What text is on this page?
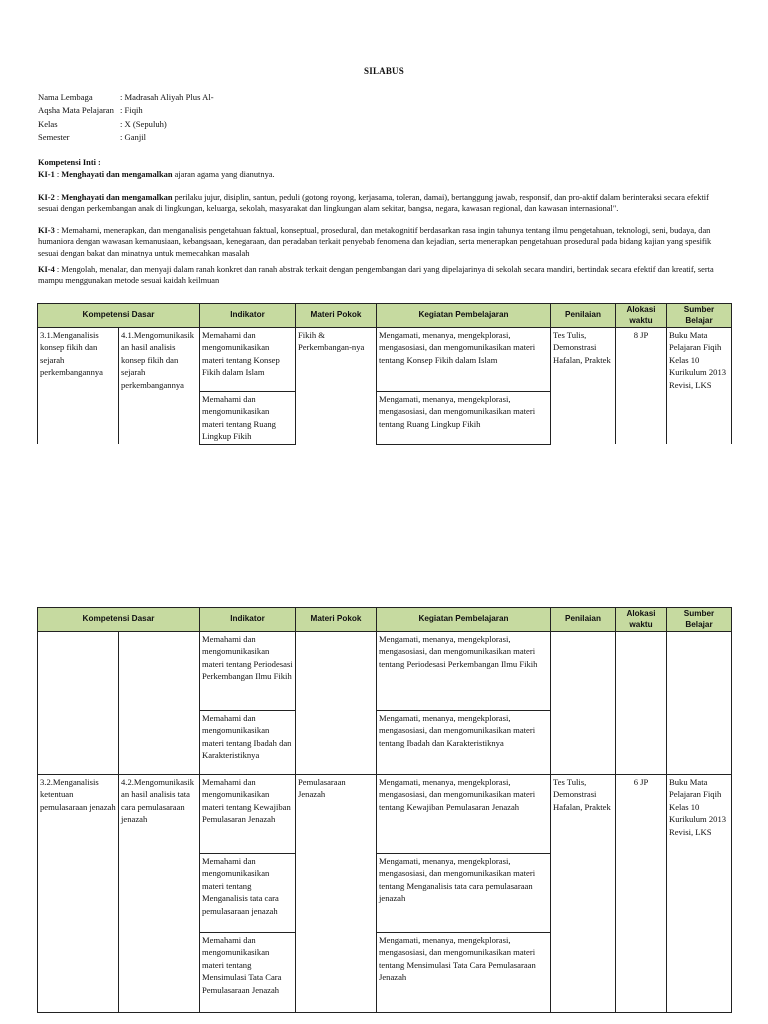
SILABUS
Nama Lembaga	: Madrasah Aliyah Plus Al-
Aqsha Mata Pelajaran : Fiqih
Kelas	: X (Sepuluh)
Semester	: Ganjil
Kompetensi Inti :
KI-1 : Menghayati dan mengamalkan ajaran agama yang dianutnya.
KI-2 : Menghayati dan mengamalkan perilaku jujur, disiplin, santun, peduli (gotong royong, kerjasama, toleran, damai), bertanggung jawab, responsif, dan pro-aktif dalam berinteraksi secara efektif sesuai dengan perkembangan anak di lingkungan, keluarga, sekolah, masyarakat dan lingkungan alam sekitar, bangsa, negara, kawasan regional, dan kawasan internasional".
KI-3 : Memahami, menerapkan, dan menganalisis pengetahuan faktual, konseptual, prosedural, dan metakognitif berdasarkan rasa ingin tahunya tentang ilmu pengetahuan, teknologi, seni, budaya, dan humaniora dengan wawasan kemanusiaan, kebangsaan, kenegaraan, dan peradaban terkait penyebab fenomena dan kejadian, serta menerapkan pengetahuan prosedural pada bidang kajian yang spesifik sesuai dengan bakat dan minatnya untuk memecahkan masalah
KI-4 : Mengolah, menalar, dan menyaji dalam ranah konkret dan ranah abstrak terkait dengan pengembangan dari yang dipelajarinya di sekolah secara mandiri, bertindak secara efektif dan kreatif, serta mampu menggunakan metode sesuai kaidah keilmuan
Kompetensi Dasar		Indikator	Materi Pokok	Kegiatan Pembelajaran	Penilaian	Alokasi waktu	Sumber Belajar
3.1.Menganalisis konsep fikih dan sejarah perkembangannya	4.1.Mengomunikasikan hasil analisis konsep fikih dan sejarah perkembangannya	Memahami dan mengomunikasikan materi tentang Konsep Fikih dalam Islam	Fikih & Perkembangan-nya	Mengamati, menanya, mengekplorasi, mengasosiasi, dan mengomunikasikan materi tentang Konsep Fikih dalam Islam	Tes Tulis, Demonstrasi Hafalan, Praktek	8 JP	Buku Mata Pelajaran Fiqih Kelas 10 Kurikulum 2013 Revisi, LKS
		Memahami dan mengomunikasikan materi tentang Ruang Lingkup Fikih		Mengamati, menanya, mengekplorasi, mengasosiasi, dan mengomunikasikan materi tentang Ruang Lingkup Fikih			
Kompetensi Dasar		Indikator	Materi Pokok	Kegiatan Pembelajaran	Penilaian	Alokasi waktu	Sumber Belajar
		Memahami dan mengomunikasikan materi tentang Periodesasi Perkembangan Ilmu Fikih		Mengamati, menanya, mengekplorasi, mengasosiasi, dan mengomunikasikan materi tentang Periodesasi Perkembangan Ilmu Fikih			
		Memahami dan mengomunikasikan materi tentang Ibadah dan Karakteristiknya		Mengamati, menanya, mengekplorasi, mengasosiasi, dan mengomunikasikan materi tentang Ibadah dan Karakteristiknya			
3.2.Menganalisis ketentuan pemulasaraan jenazah	4.2.Mengomunikasikan hasil analisis tata cara pemulasaraan jenazah	Memahami dan mengomunikasikan materi tentang Kewajiban Pemulasaran Jenazah	Pemulasaraan Jenazah	Mengamati, menanya, mengekplorasi, mengasosiasi, dan mengomunikasikan materi tentang Kewajiban Pemulasaran Jenazah	Tes Tulis, Demonstrasi Hafalan, Praktek	6 JP	Buku Mata Pelajaran Fiqih Kelas 10 Kurikulum 2013 Revisi, LKS
		Memahami dan mengomunikasikan materi tentang Menganalisis tata cara pemulasaraan jenazah		Mengamati, menanya, mengekplorasi, mengasosiasi, dan mengomunikasikan materi tentang Menganalisis tata cara pemulasaraan jenazah			
		Memahami dan mengomunikasikan materi tentang Mensimulasi Tata Cara Pemulasaraan Jenazah		Mengamati, menanya, mengekplorasi, mengasosiasi, dan mengomunikasikan materi tentang Mensimulasi Tata Cara Pemulasaraan Jenazah			
